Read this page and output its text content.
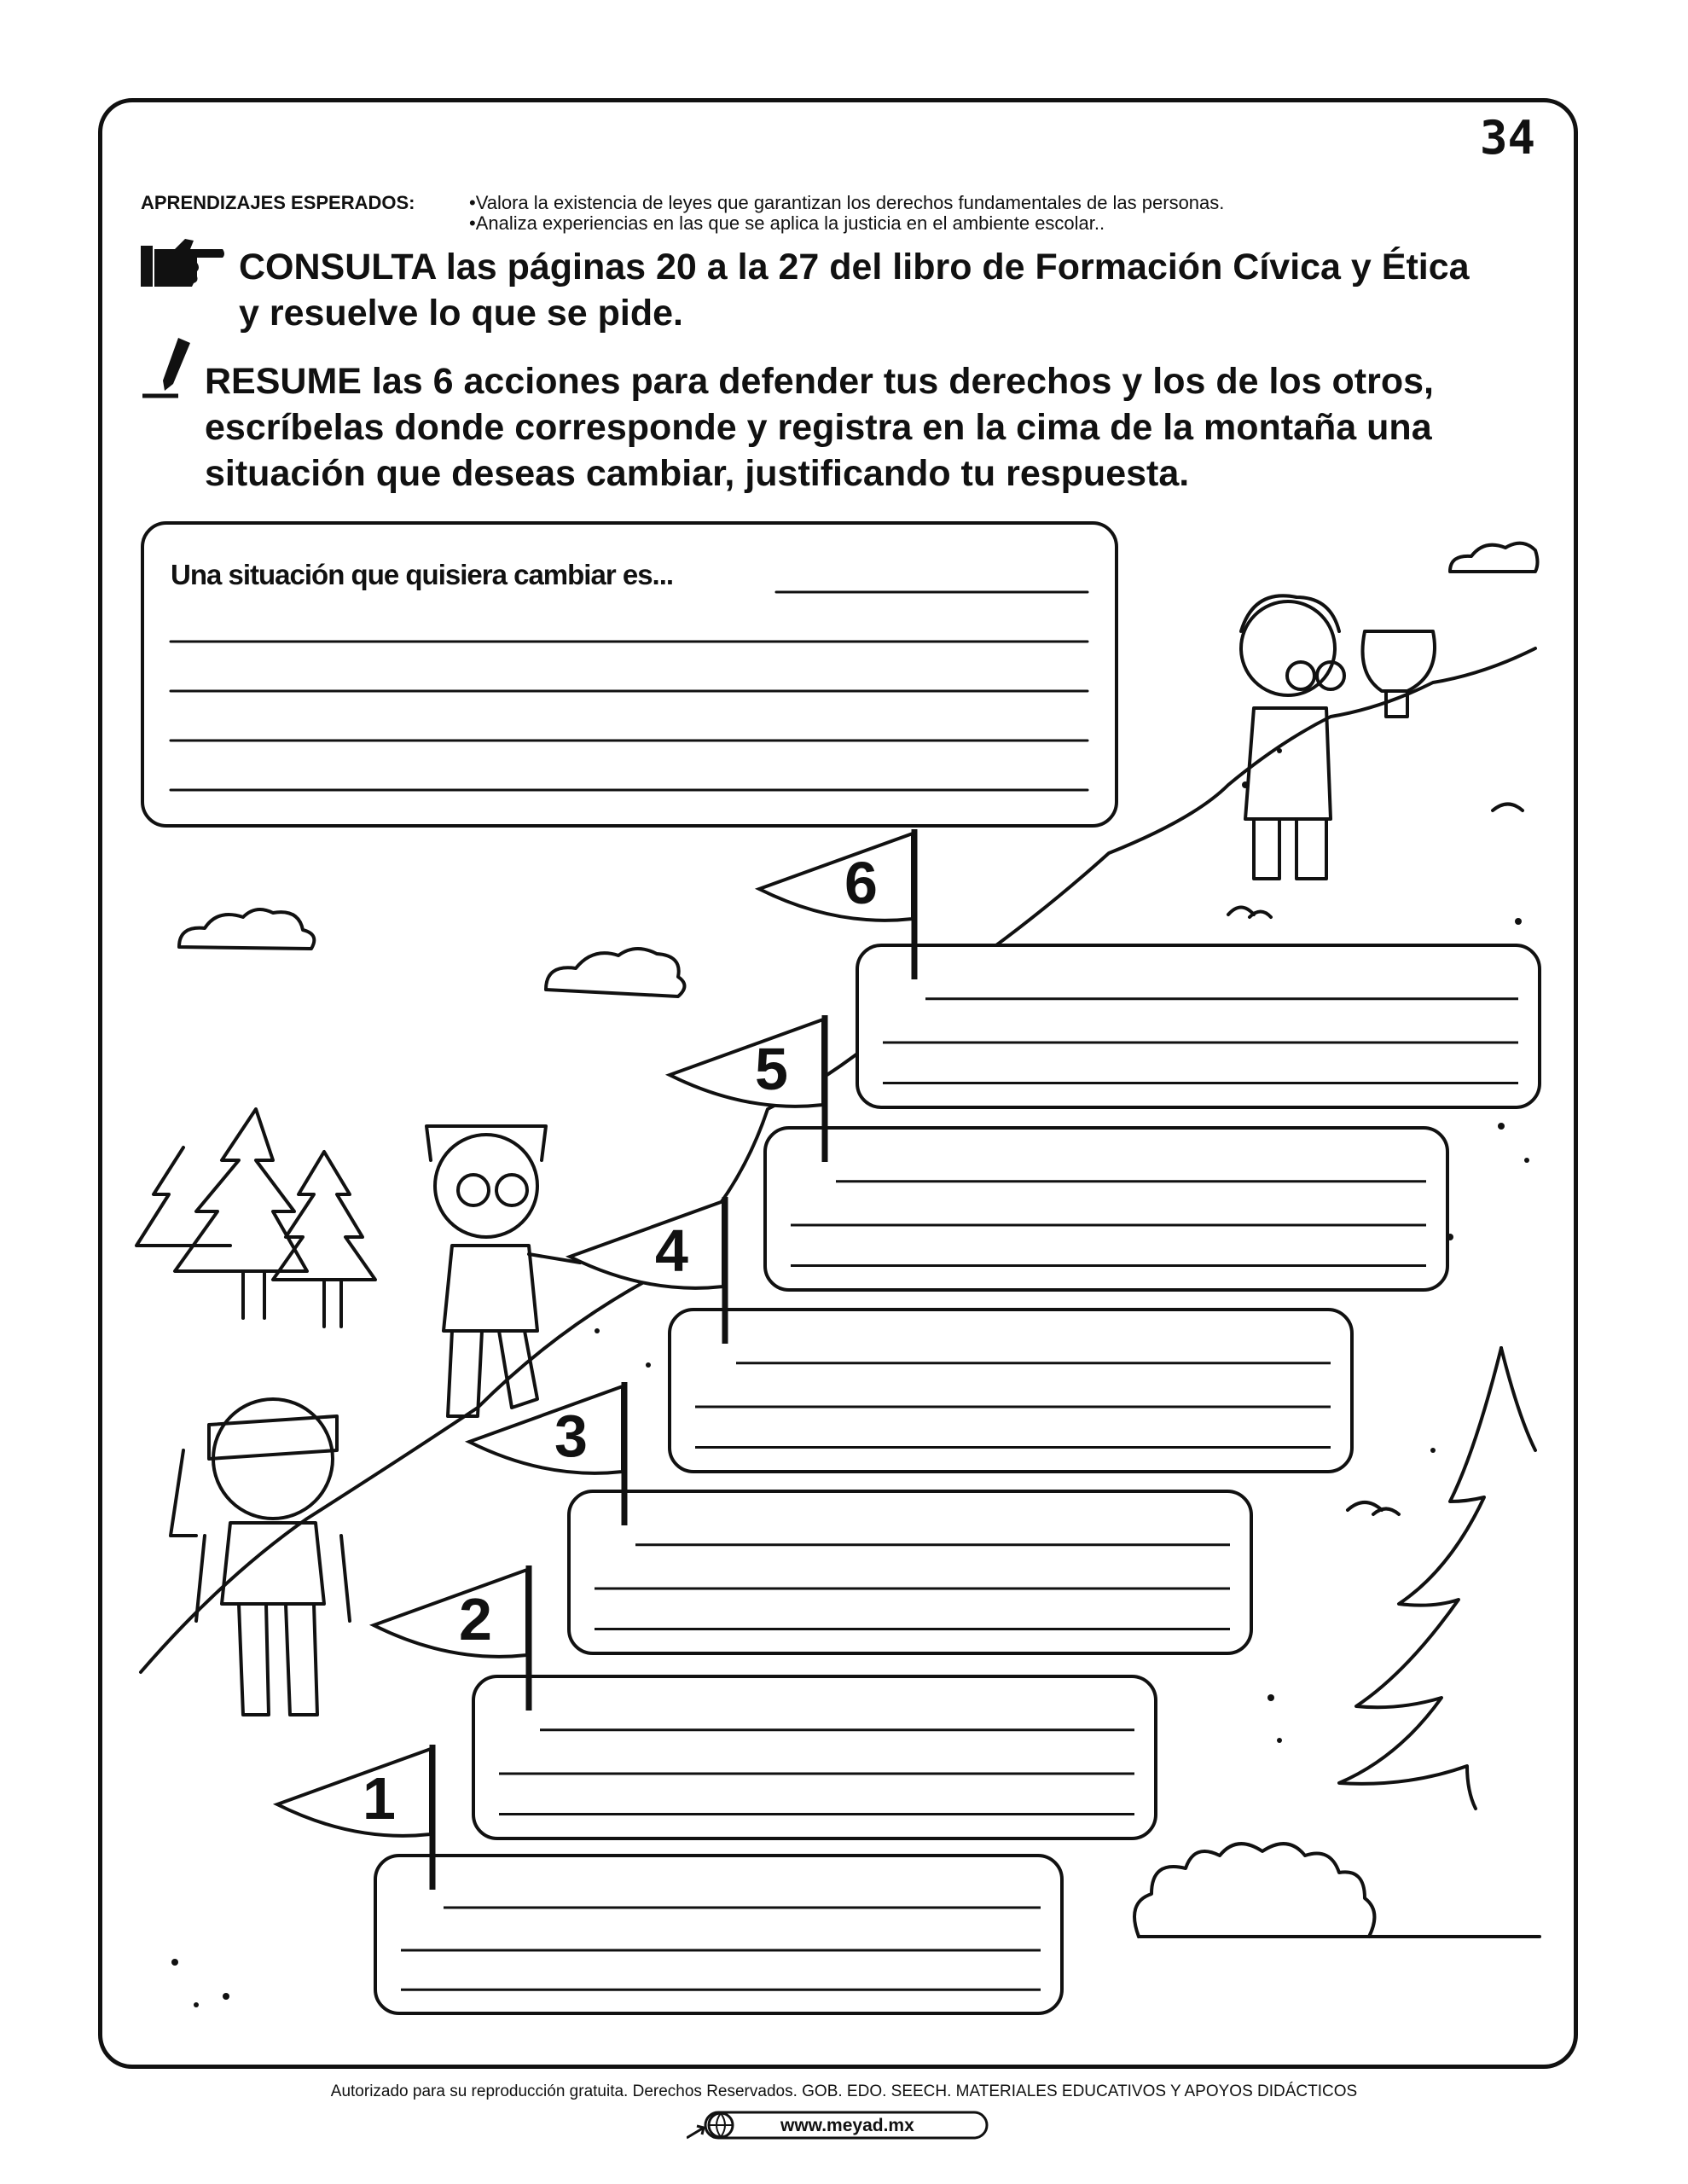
34
APRENDIZAJES ESPERADOS:	•Valora la existencia de leyes que garantizan los derechos fundamentales de las personas.
•Analiza experiencias en las que se aplica la justicia en el ambiente escolar..
CONSULTA las páginas 20 a la 27 del libro de Formación Cívica y Ética
y resuelve lo que se pide.
RESUME las 6 acciones para defender tus derechos y los de los otros,
escríbelas donde corresponde y registra en la cima de la montaña una
situación que deseas cambiar, justificando tu respuesta.
Una situación que quisiera cambiar es...
1
2
3
4
5
6
Autorizado para su reproducción gratuita. Derechos Reservados. GOB. EDO. SEECH. MATERIALES EDUCATIVOS Y APOYOS DIDÁCTICOS
www.meyad.mx
